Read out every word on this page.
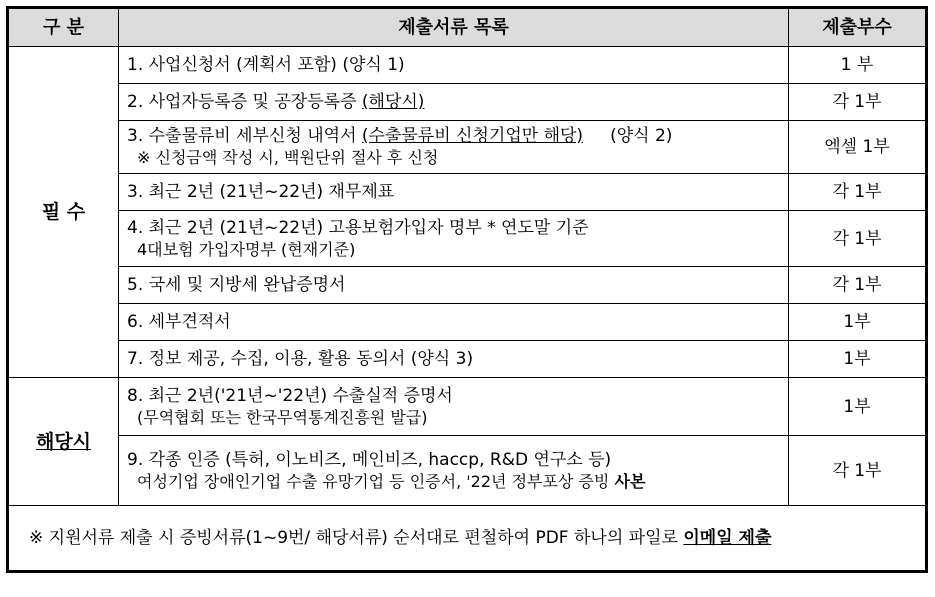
구 분	제출서류 목록	제출부수
필 수	1. 사업신청서 (계획서 포함) (양식 1)	1 부
	2. 사업자등록증 및 공장등록증 (해당시)	각 1부

	3. 수출물류비 세부신청 내역서 (수출물류비 신청기업만 해당)     (양식 2)
※ 신청금액 작성 시, 백원단위 절사 후 신청	엑셀 1부
	3. 최근 2년 (21년~22년) 재무제표	각 1부

	4. 최근 2년 (21년~22년) 고용보험가입자 명부 * 연도말 기준
4대보험 가입자명부 (현재기준)	각 1부
	5. 국세 및 지방세 완납증명서	각 1부
	6. 세부견적서	1부
	7. 정보 제공, 수집, 이용, 활용 동의서 (양식 3)	1부
해당시	8. 최근 2년('21년~'22년) 수출실적 증명서
(무역협회 또는 한국무역통계진흥원 발급)	1부

	9. 각종 인증 (특허, 이노비즈, 메인비즈, haccp, R&D 연구소 등)
여성기업 장애인기업 수출 유망기업 등 인증서, '22년 정부포상 증빙 사본	각 1부
※ 지원서류 제출 시 증빙서류(1~9번/ 해당서류) 순서대로 편철하여 PDF 하나의 파일로 이메일 제출		
